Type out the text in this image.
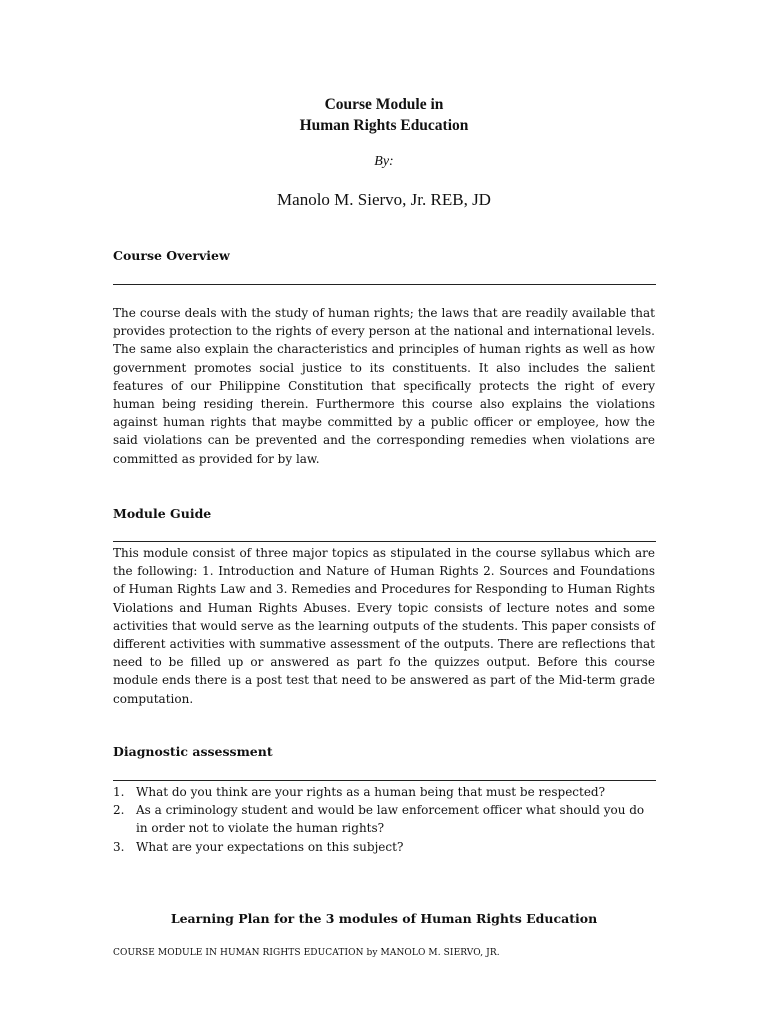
Course Module in
Human Rights Education
By:
Manolo M. Siervo, Jr. REB, JD
Course Overview

The course deals with the study of human rights; the laws that are readily available that provides protection to the rights of every person at the national and international levels. The same also explain the characteristics and principles of human rights as well as how government promotes social justice to its constituents. It also includes the salient features of our Philippine Constitution that specifically protects the right of every human being residing therein. Furthermore this course also explains the violations against human rights that maybe committed by a public officer or employee, how the said violations can be prevented and the corresponding remedies when violations are committed as provided for by law.

Module Guide

This module consist of three major topics as stipulated in the course syllabus which are the following: 1. Introduction and Nature of Human Rights 2. Sources and Foundations of Human Rights Law and 3. Remedies and Procedures for Responding to Human Rights Violations and Human Rights Abuses. Every topic consists of lecture notes and some activities that would serve as the learning outputs of the students. This paper consists of different activities with summative assessment of the outputs. There are reflections that need to be filled up or answered as part fo the quizzes output. Before this course module ends there is a post test that need to be answered as part of the Mid-term grade computation.

Diagnostic assessment
1. What do you think are your rights as a human being that must be respected?
2. As a criminology student and would be law enforcement officer what should you do in order not to violate the human rights?
3. What are your expectations on this subject?
Learning Plan for the 3 modules of Human Rights Education
COURSE MODULE IN HUMAN RIGHTS EDUCATION by MANOLO M. SIERVO, JR.
